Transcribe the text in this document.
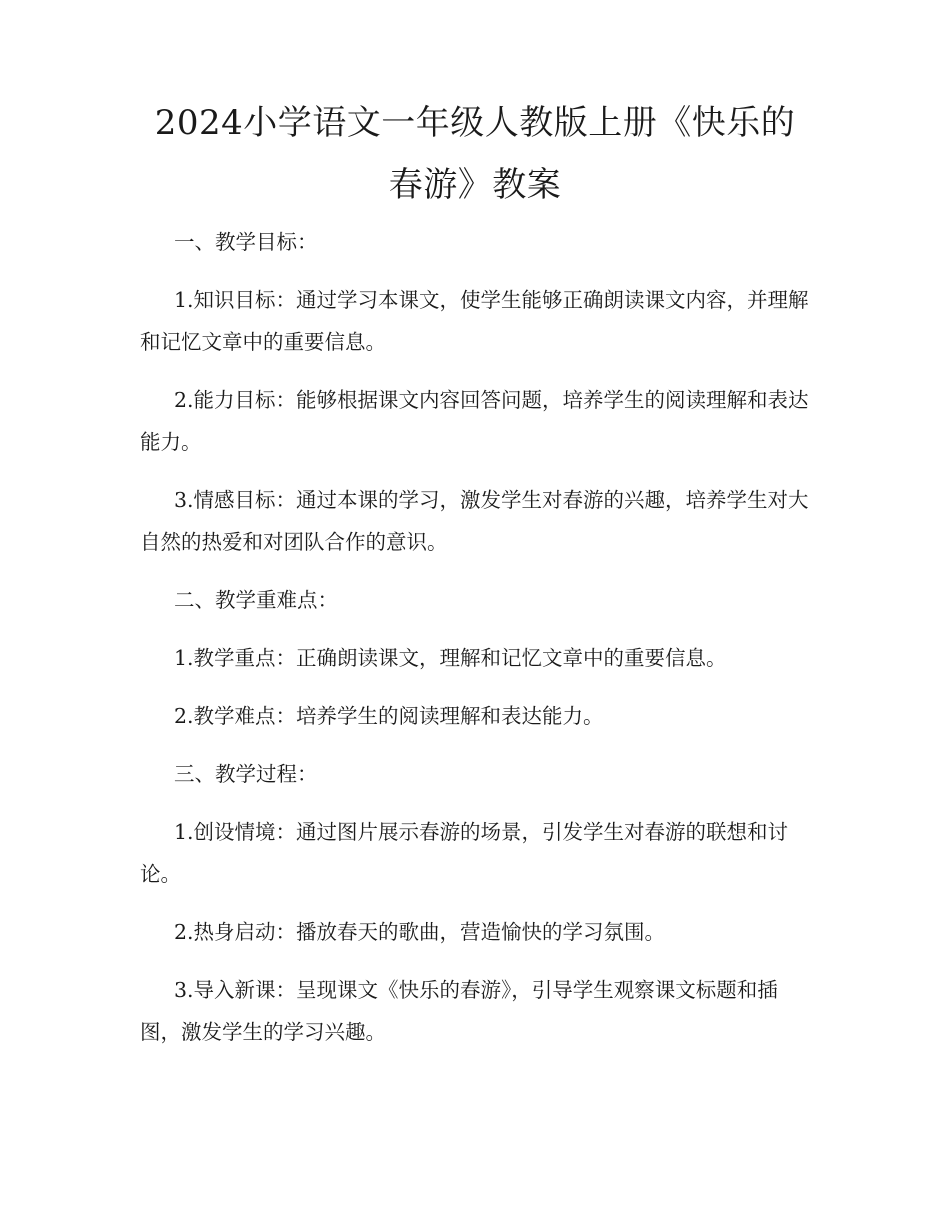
2024小学语文一年级人教版上册《快乐的春游》教案

一、教学目标：

1.知识目标：通过学习本课文，使学生能够正确朗读课文内容，并理解和记忆文章中的重要信息。

2.能力目标：能够根据课文内容回答问题，培养学生的阅读理解和表达能力。

3.情感目标：通过本课的学习，激发学生对春游的兴趣，培养学生对大自然的热爱和对团队合作的意识。

二、教学重难点：

1.教学重点：正确朗读课文，理解和记忆文章中的重要信息。

2.教学难点：培养学生的阅读理解和表达能力。

三、教学过程：

1.创设情境：通过图片展示春游的场景，引发学生对春游的联想和讨论。

2.热身启动：播放春天的歌曲，营造愉快的学习氛围。

3.导入新课：呈现课文《快乐的春游》，引导学生观察课文标题和插图，激发学生的学习兴趣。
